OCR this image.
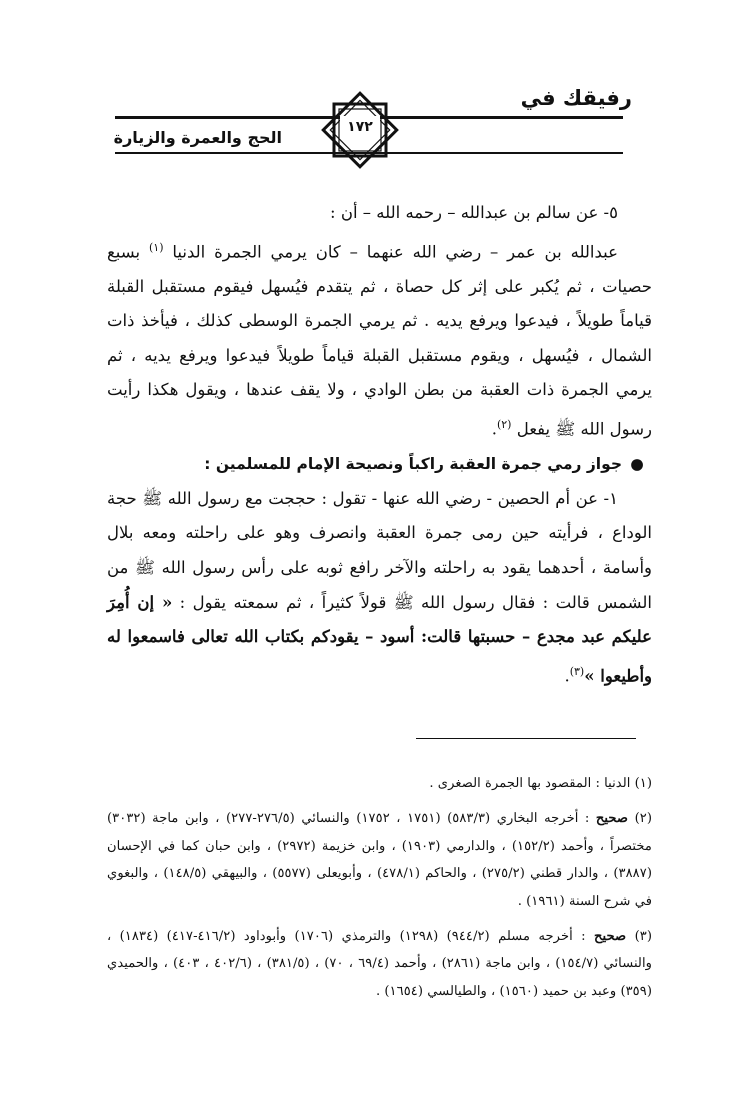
رفيقك في
الحج والعمرة والزيارة
١٧٢

٥- عن سالم بن عبدالله – رحمه الله – أن :

عبدالله بن عمر – رضي الله عنهما – كان يرمي الجمرة الدنيا $^{(١)}$ بسبع حصيات ، ثم يُكبر على إثر كل حصاة ، ثم يتقدم فيُسهل فيقوم مستقبل القبلة قياماً طويلاً ، فيدعوا ويرفع يديه . ثم يرمي الجمرة الوسطى كذلك ، فيأخذ ذات الشمال ، فيُسهل ، ويقوم مستقبل القبلة قياماً طويلاً فيدعوا ويرفع يديه ، ثم يرمي الجمرة ذات العقبة من بطن الوادي ، ولا يقف عندها ، ويقول هكذا رأيت رسول الله ﷺ يفعل $^{(٢)}$.

●جواز رمي جمرة العقبة راكباً ونصيحة الإمام للمسلمين :

١- عن أم الحصين - رضي الله عنها - تقول : حججت مع رسول الله ﷺ حجة الوداع ، فرأيته حين رمى جمرة العقبة وانصرف وهو على راحلته ومعه بلال وأسامة ، أحدهما يقود به راحلته والآخر رافع ثوبه على رأس رسول الله ﷺ من الشمس قالت : فقال رسول الله ﷺ قولاً كثيراً ، ثم سمعته يقول : « إن أُمِرَ عليكم عبد مجدع – حسبتها قالت: أسود – يقودكم بكتاب الله تعالى فاسمعوا له وأطيعوا »$^{(٣)}$.

(١) الدنيا : المقصود بها الجمرة الصغرى .

(٢) صحيح : أخرجه البخاري (٥٨٣/٣) (١٧٥١ ، ١٧٥٢) والنسائي (٢٧٦/٥-٢٧٧) ، وابن ماجة (٣٠٣٢) مختصراً ، وأحمد (١٥٢/٢) ، والدارمي (١٩٠٣) ، وابن خزيمة (٢٩٧٢) ، وابن حبان كما في الإحسان (٣٨٨٧) ، والدار قطني (٢٧٥/٢) ، والحاكم (٤٧٨/١) ، وأبويعلى (٥٥٧٧) ، والبيهقي (١٤٨/٥) ، والبغوي في شرح السنة (١٩٦١) .

(٣) صحيح : أخرجه مسلم (٩٤٤/٢) (١٢٩٨) والترمذي (١٧٠٦) وأبوداود (٤١٦/٢-٤١٧) (١٨٣٤) ، والنسائي (١٥٤/٧) ، وابن ماجة (٢٨٦١) ، وأحمد (٦٩/٤ ، ٧٠) ، (٣٨١/٥) ، (٤٠٢/٦ ، ٤٠٣) ، والحميدي (٣٥٩) وعبد بن حميد (١٥٦٠) ، والطيالسي (١٦٥٤) .
